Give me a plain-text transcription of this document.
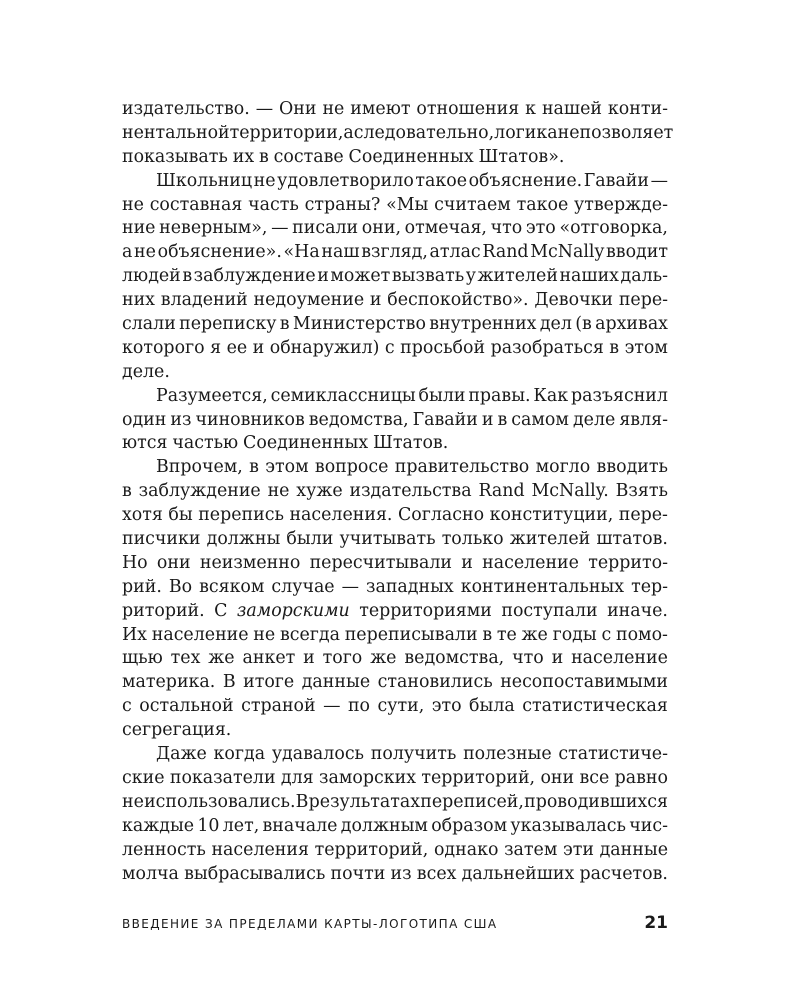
издательство. — Они не имеют отношения к нашей конти-
нентальной территории, а следовательно, логика не позволяет
показывать их в составе Соединенных Штатов».
Школьниц не удовлетворило такое объяснение. Гавайи —
не составная часть страны? «Мы считаем такое утвержде-
ние неверным», — писали они, отмечая, что это «отговорка,
а не объяснение». «На наш взгляд, атлас Rand McNally вводит
людей в заблуждение и может вызвать у жителей наших даль-
них владений недоумение и беспокойство». Девочки пере-
слали переписку в Министерство внутренних дел (в архивах
которого я ее и обнаружил) с просьбой разобраться в этом
деле.
Разумеется, семиклассницы были правы. Как разъяснил
один из чиновников ведомства, Гавайи и в самом деле явля-
ются частью Соединенных Штатов.
Впрочем, в этом вопросе правительство могло вводить
в заблуждение не хуже издательства Rand McNally. Взять
хотя бы перепись населения. Согласно конституции, пере-
писчики должны были учитывать только жителей штатов.
Но они неизменно пересчитывали и население террито-
рий. Во всяком случае — западных континентальных тер-
риторий. С заморскими территориями поступали иначе.
Их население не всегда переписывали в те же годы с помо-
щью тех же анкет и того же ведомства, что и население
материка. В итоге данные становились несопоставимыми
с остальной страной — по сути, это была статистическая
сегрегация.
Даже когда удавалось получить полезные статистиче-
ские показатели для заморских территорий, они все равно
не использовались. В результатах переписей, проводившихся
каждые 10 лет, вначале должным образом указывалась чис-
ленность населения территорий, однако затем эти данные
молча выбрасывались почти из всех дальнейших расчетов.
ВВЕДЕНИЕ ЗА ПРЕДЕЛАМИ КАРТЫ-ЛОГОТИПА США	21
